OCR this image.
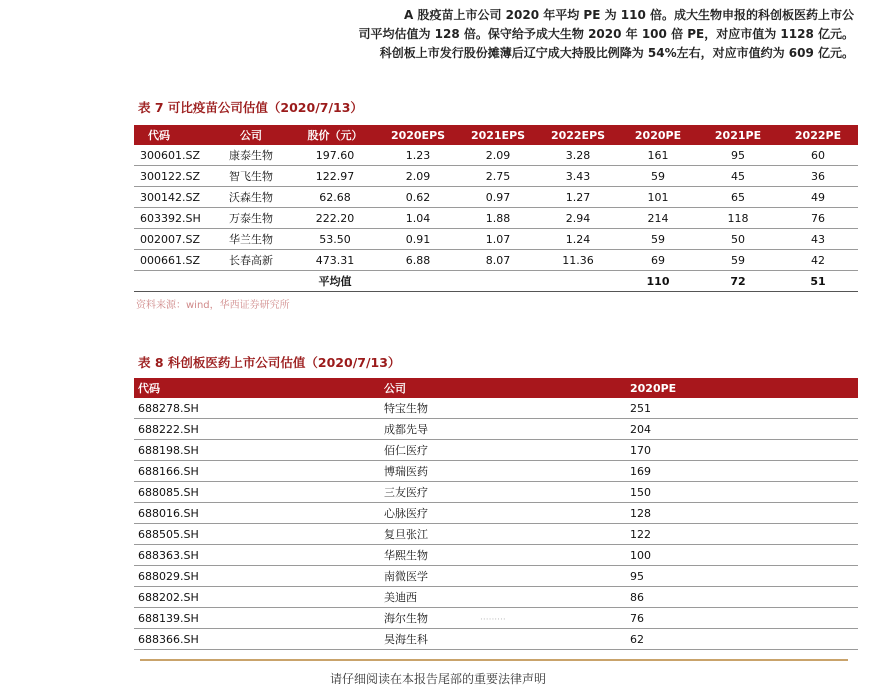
A 股疫苗上市公司 2020 年平均 PE 为 110 倍。成大生物申报的科创板医药上市公
司平均估值为 128 倍。保守给予成大生物 2020 年 100 倍 PE，对应市值为 1128 亿元。
科创板上市发行股份摊薄后辽宁成大持股比例降为 54%左右，对应市值约为 609 亿元。
表 7 可比疫苗公司估值（2020/7/13）
代码	公司	股价（元）	2020EPS	2021EPS	2022EPS	2020PE	2021PE	2022PE
300601.SZ	康泰生物	197.60	1.23	2.09	3.28	161	95	60
300122.SZ	智飞生物	122.97	2.09	2.75	3.43	59	45	36
300142.SZ	沃森生物	62.68	0.62	0.97	1.27	101	65	49
603392.SH	万泰生物	222.20	1.04	1.88	2.94	214	118	76
002007.SZ	华兰生物	53.50	0.91	1.07	1.24	59	50	43
000661.SZ	长春高新	473.31	6.88	8.07	11.36	69	59	42
		平均值				110	72	51
资料来源：wind，华西证券研究所
表 8 科创板医药上市公司估值（2020/7/13）
代码	公司	2020PE
688278.SH	特宝生物	251
688222.SH	成都先导	204
688198.SH	佰仁医疗	170
688166.SH	博瑞医药	169
688085.SH	三友医疗	150
688016.SH	心脉医疗	128
688505.SH	复旦张江	122
688363.SH	华熙生物	100
688029.SH	南微医学	95
688202.SH	美迪西	86
688139.SH	海尔生物 ·········	76
688366.SH	昊海生科	62
请仔细阅读在本报告尾部的重要法律声明
